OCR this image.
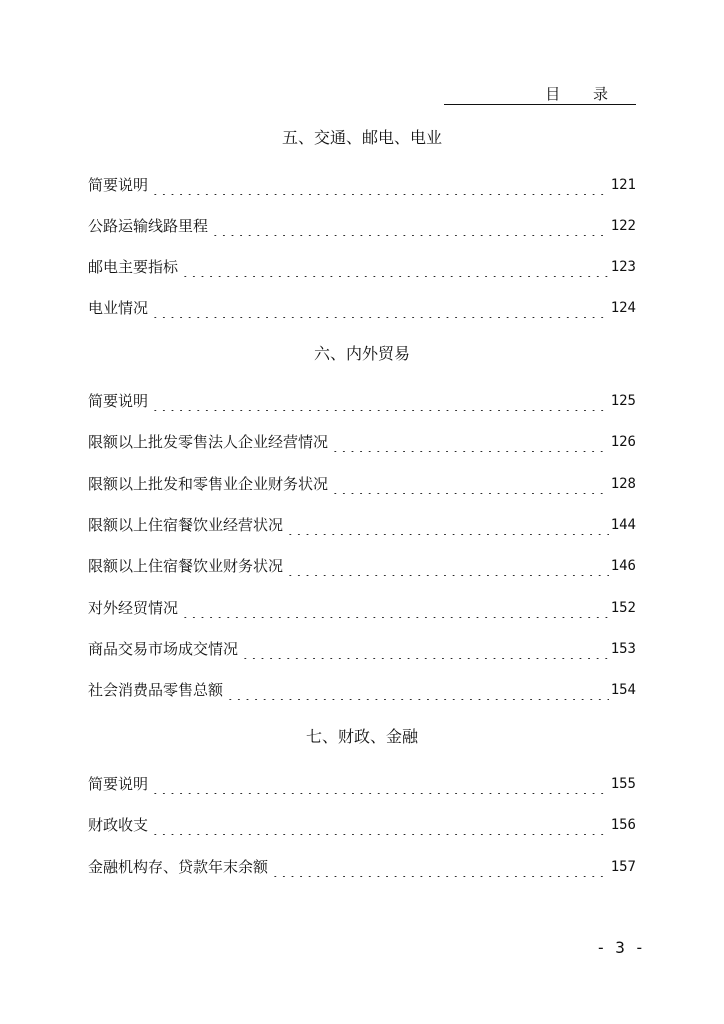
目 录
五、交通、邮电、电业
简要说明	121
公路运输线路里程	122
邮电主要指标	123
电业情况	124
六、内外贸易
简要说明	125
限额以上批发零售法人企业经营情况	126
限额以上批发和零售业企业财务状况	128
限额以上住宿餐饮业经营状况	144
限额以上住宿餐饮业财务状况	146
对外经贸情况	152
商品交易市场成交情况	153
社会消费品零售总额	154
七、财政、金融
简要说明	155
财政收支	156
金融机构存、贷款年末余额	157
- 3 -
